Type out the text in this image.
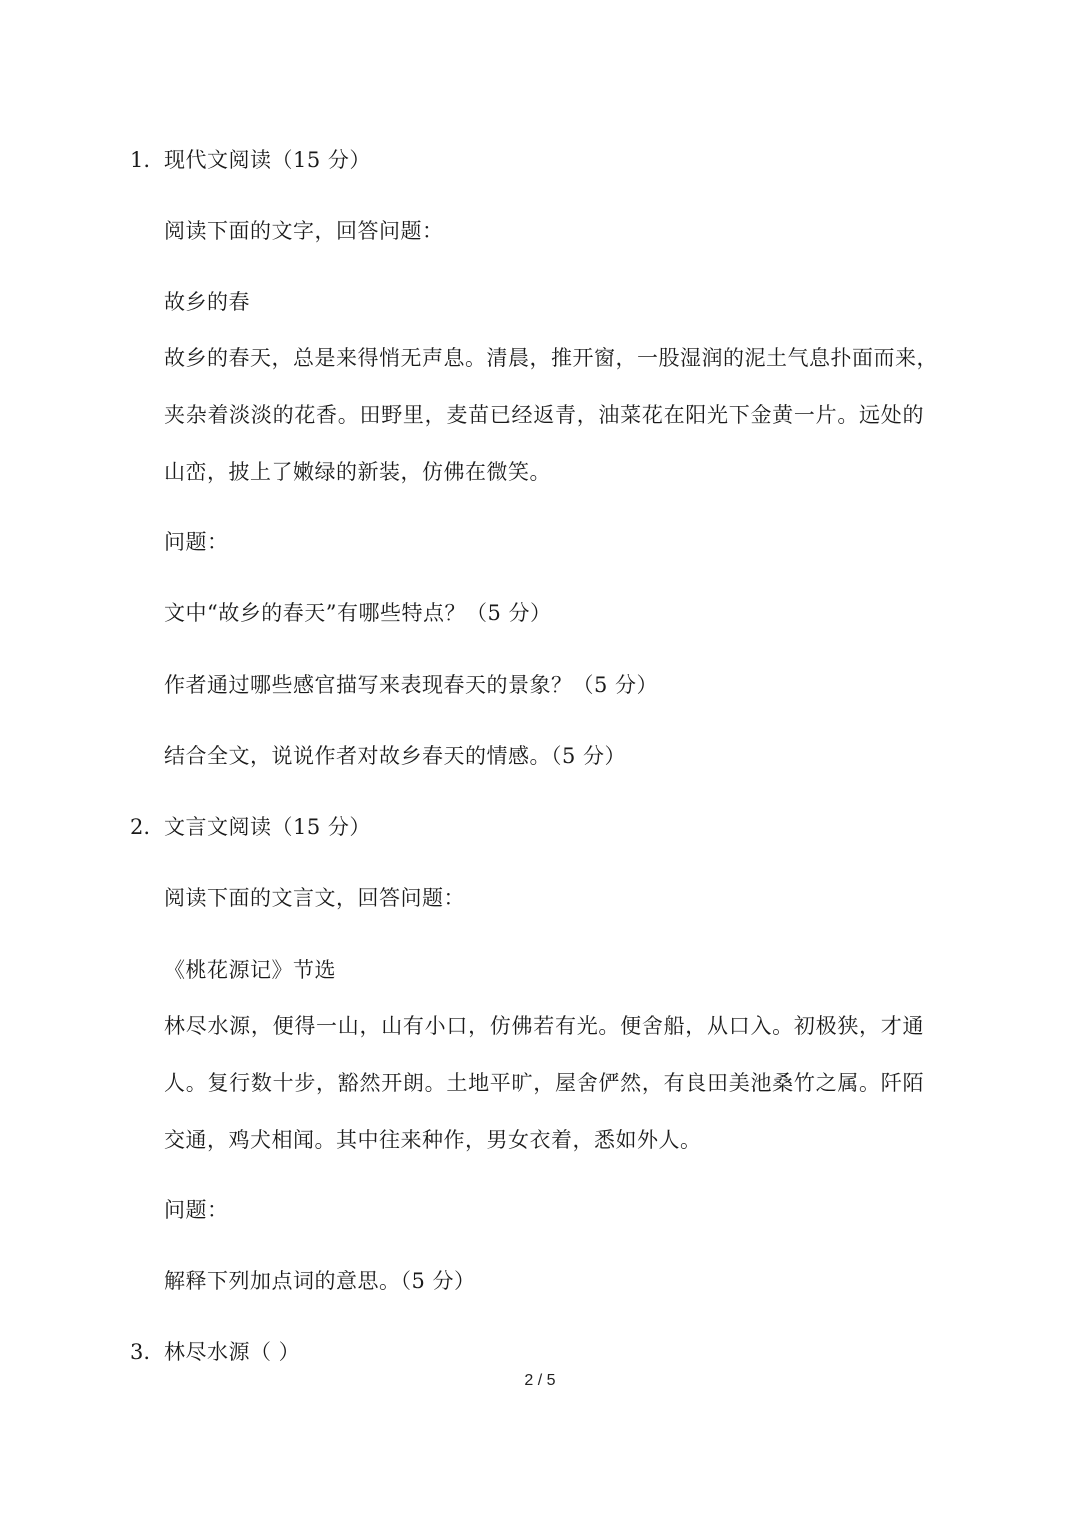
1. 现代文阅读（15 分）
阅读下面的文字，回答问题：
故乡的春
故乡的春天，总是来得悄无声息。清晨，推开窗，一股湿润的泥土气息扑面而来，
夹杂着淡淡的花香。田野里，麦苗已经返青，油菜花在阳光下金黄一片。远处的
山峦，披上了嫩绿的新装，仿佛在微笑。
问题：
文中“故乡的春天”有哪些特点？（5 分）
作者通过哪些感官描写来表现春天的景象？（5 分）
结合全文，说说作者对故乡春天的情感。（5 分）
2. 文言文阅读（15 分）
阅读下面的文言文，回答问题：
《桃花源记》节选
林尽水源，便得一山，山有小口，仿佛若有光。便舍船，从口入。初极狭，才通
人。复行数十步，豁然开朗。土地平旷，屋舍俨然，有良田美池桑竹之属。阡陌
交通，鸡犬相闻。其中往来种作，男女衣着，悉如外人。
问题：
解释下列加点词的意思。（5 分）
3. 林尽水源（ ）
2 / 5
